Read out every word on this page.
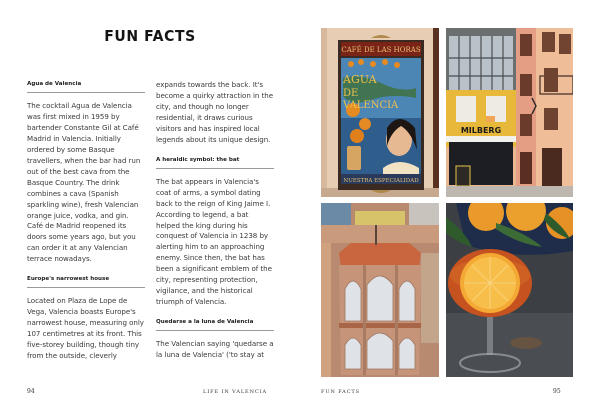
FUN FACTS
Agua de Valencia

The cocktail Agua de Valencia was first mixed in 1959 by bartender Constante Gil at Café Madrid in Valencia. Initially ordered by some Basque travellers, when the bar had run out of the best cava from the Basque Country. The drink combines a cava (Spanish sparkling wine), fresh Valencian orange juice, vodka, and gin. Café de Madrid reopened its doors some years ago, but you can order it at any Valencian terrace nowadays.

Europe's narrowest house

Located on Plaza de Lope de Vega, Valencia boasts Europe's narrowest house, measuring only 107 centimetres at its front. This five-storey building, though tiny from the outside, cleverly

expands towards the back. It's become a quirky attraction in the city, and though no longer residential, it draws curious visitors and has inspired local legends about its unique design.

A heraldic symbol: the bat

The bat appears in Valencia's coat of arms, a symbol dating back to the reign of King Jaime I. According to legend, a bat helped the king during his conquest of Valencia in 1238 by alerting him to an approaching enemy. Since then, the bat has been a significant emblem of the city, representing protection, vigilance, and the historical triumph of Valencia.

Quedarse a la luna de Valencia

The Valencian saying 'quedarse a la luna de Valencia' ('to stay at

94	LIFE IN VALENCIA
CAFÉ DE LAS HORAS
AGUA
DE
VALENCIA
NUESTRA ESPECIALIDAD
MILBERG
FUN FACTS	95
